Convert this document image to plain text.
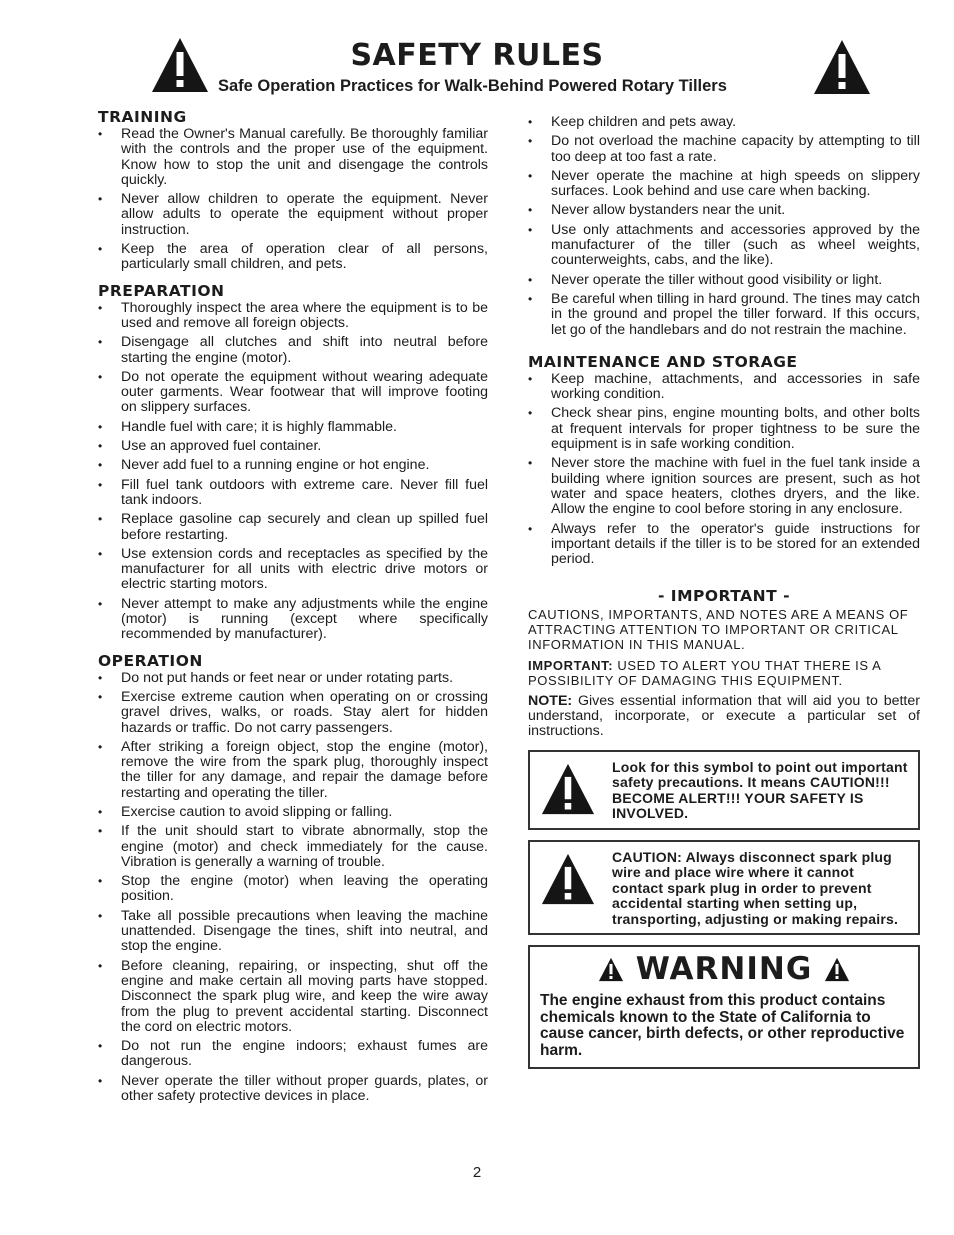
SAFETY RULES
Safe Operation Practices for Walk-Behind Powered Rotary Tillers
TRAINING
• Read the Owner's Manual carefully. Be thoroughly familiar with the controls and the proper use of the equipment. Know how to stop the unit and disengage the controls quickly.
• Never allow children to operate the equipment. Never allow adults to operate the equipment without proper instruction.
• Keep the area of operation clear of all persons, particularly small children, and pets.
PREPARATION
• Thoroughly inspect the area where the equipment is to be used and remove all foreign objects.
• Disengage all clutches and shift into neutral before starting the engine (motor).
• Do not operate the equipment without wearing adequate outer garments. Wear footwear that will improve footing on slippery surfaces.
• Handle fuel with care; it is highly flammable.
• Use an approved fuel container.
• Never add fuel to a running engine or hot engine.
• Fill fuel tank outdoors with extreme care. Never fill fuel tank indoors.
• Replace gasoline cap securely and clean up spilled fuel before restarting.
• Use extension cords and receptacles as specified by the manufacturer for all units with electric drive motors or electric starting motors.
• Never attempt to make any adjustments while the engine (motor) is running (except where specifically recommended by manufacturer).
OPERATION
• Do not put hands or feet near or under rotating parts.
• Exercise extreme caution when operating on or crossing gravel drives, walks, or roads. Stay alert for hidden hazards or traffic. Do not carry passengers.
• After striking a foreign object, stop the engine (motor), remove the wire from the spark plug, thoroughly inspect the tiller for any damage, and repair the damage before restarting and operating the tiller.
• Exercise caution to avoid slipping or falling.
• If the unit should start to vibrate abnormally, stop the engine (motor) and check immediately for the cause. Vibration is generally a warning of trouble.
• Stop the engine (motor) when leaving the operating position.
• Take all possible precautions when leaving the machine unattended. Disengage the tines, shift into neutral, and stop the engine.
• Before cleaning, repairing, or inspecting, shut off the engine and make certain all moving parts have stopped. Disconnect the spark plug wire, and keep the wire away from the plug to prevent accidental starting. Disconnect the cord on electric motors.
• Do not run the engine indoors; exhaust fumes are dangerous.
• Never operate the tiller without proper guards, plates, or other safety protective devices in place.
• Keep children and pets away.
• Do not overload the machine capacity by attempting to till too deep at too fast a rate.
• Never operate the machine at high speeds on slippery surfaces. Look behind and use care when backing.
• Never allow bystanders near the unit.
• Use only attachments and accessories approved by the manufacturer of the tiller (such as wheel weights, counterweights, cabs, and the like).
• Never operate the tiller without good visibility or light.
• Be careful when tilling in hard ground. The tines may catch in the ground and propel the tiller forward. If this occurs, let go of the handlebars and do not restrain the machine.
MAINTENANCE AND STORAGE
• Keep machine, attachments, and accessories in safe working condition.
• Check shear pins, engine mounting bolts, and other bolts at frequent intervals for proper tightness to be sure the equipment is in safe working condition.
• Never store the machine with fuel in the fuel tank inside a building where ignition sources are present, such as hot water and space heaters, clothes dryers, and the like. Allow the engine to cool before storing in any enclosure.
• Always refer to the operator's guide instructions for important details if the tiller is to be stored for an extended period.
- IMPORTANT -
CAUTIONS, IMPORTANTS, AND NOTES ARE A MEANS OF ATTRACTING ATTENTION TO IMPORTANT OR CRITICAL INFORMATION IN THIS MANUAL.
IMPORTANT: USED TO ALERT YOU THAT THERE IS A POSSIBILITY OF DAMAGING THIS EQUIPMENT.
NOTE: Gives essential information that will aid you to better understand, incorporate, or execute a particular set of instructions.
Look for this symbol to point out important safety precautions. It means CAUTION!!! BECOME ALERT!!! YOUR SAFETY IS INVOLVED.
CAUTION: Always disconnect spark plug wire and place wire where it cannot contact spark plug in order to prevent accidental starting when setting up, transporting, adjusting or making repairs.
WARNING
The engine exhaust from this product contains chemicals known to the State of California to cause cancer, birth defects, or other reproductive harm.
2
